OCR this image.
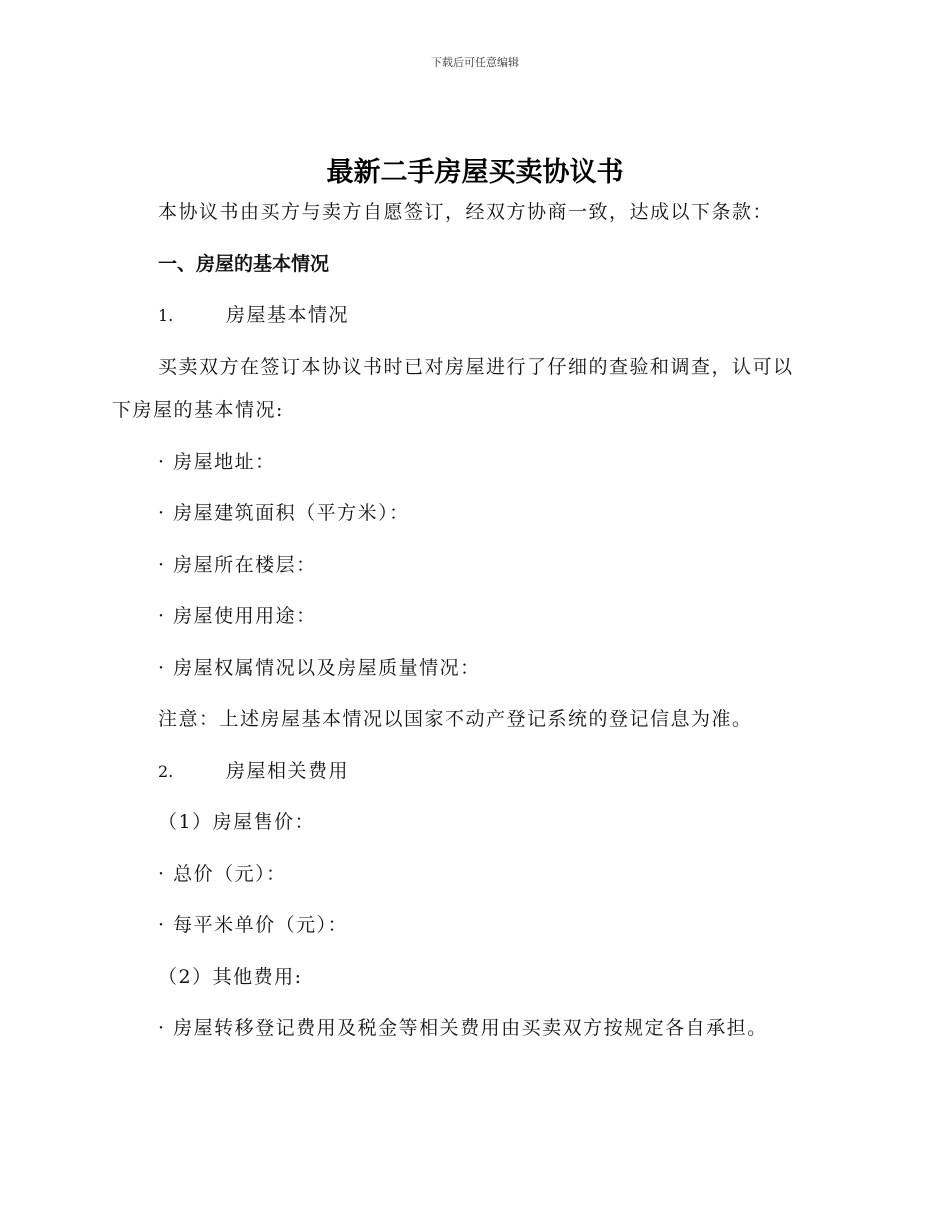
下载后可任意编辑
最新二手房屋买卖协议书
本协议书由买方与卖方自愿签订，经双方协商一致，达成以下条款：
一、房屋的基本情况
1.	房屋基本情况
买卖双方在签订本协议书时已对房屋进行了仔细的查验和调查，认可以
下房屋的基本情况:
· 房屋地址：
· 房屋建筑面积（平方米）：
· 房屋所在楼层：
· 房屋使用用途：
· 房屋权属情况以及房屋质量情况：
注意：上述房屋基本情况以国家不动产登记系统的登记信息为准。
2.	房屋相关费用
（1）房屋售价：
· 总价（元）：
· 每平米单价（元）：
（2）其他费用:
· 房屋转移登记费用及税金等相关费用由买卖双方按规定各自承担。
